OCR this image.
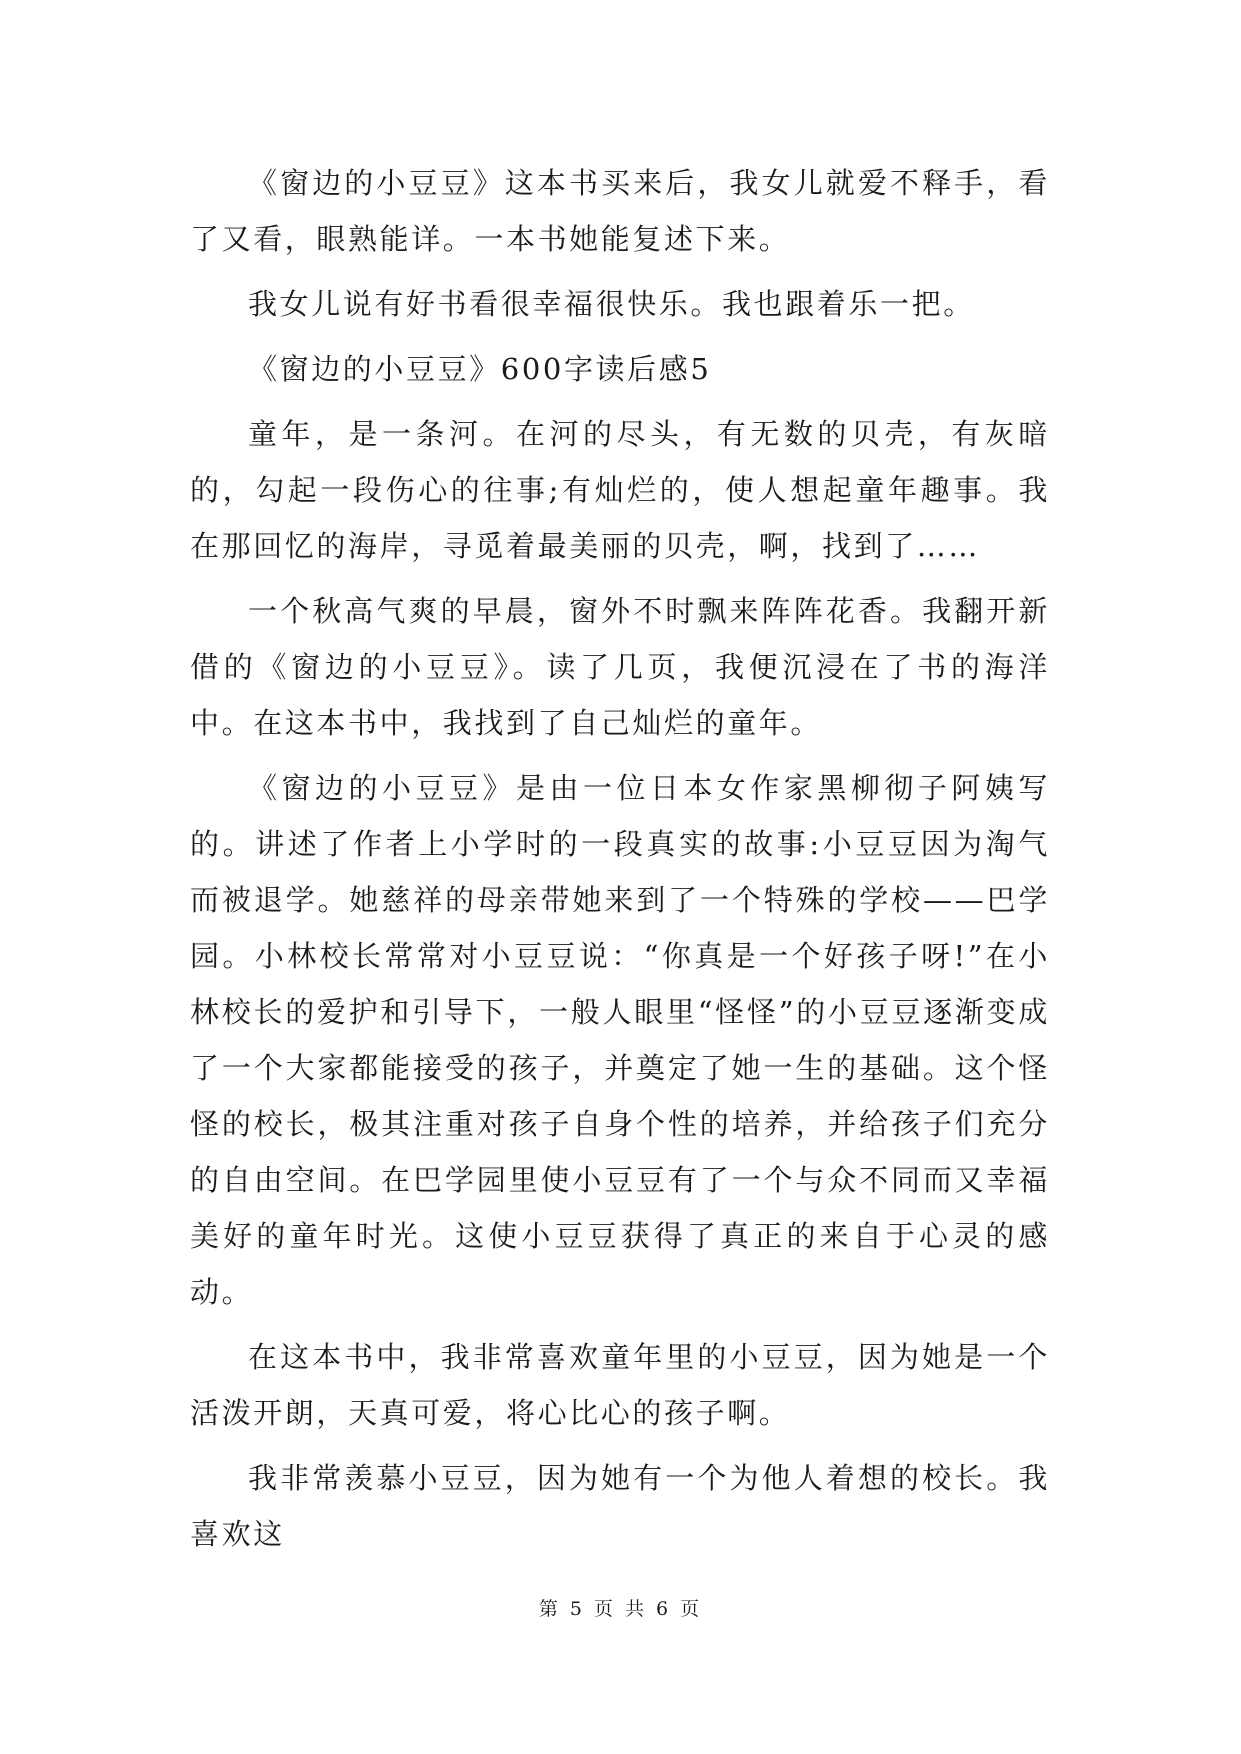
《窗边的小豆豆》这本书买来后，我女儿就爱不释手，看了又看，眼熟能详。一本书她能复述下来。

我女儿说有好书看很幸福很快乐。我也跟着乐一把。

《窗边的小豆豆》600字读后感5

童年，是一条河。在河的尽头，有无数的贝壳，有灰暗的，勾起一段伤心的往事;有灿烂的，使人想起童年趣事。我在那回忆的海岸，寻觅着最美丽的贝壳，啊，找到了……

一个秋高气爽的早晨，窗外不时飘来阵阵花香。我翻开新借的《窗边的小豆豆》。读了几页，我便沉浸在了书的海洋中。在这本书中，我找到了自己灿烂的童年。

《窗边的小豆豆》是由一位日本女作家黑柳彻子阿姨写的。讲述了作者上小学时的一段真实的故事:小豆豆因为淘气而被退学。她慈祥的母亲带她来到了一个特殊的学校——巴学园。小林校长常常对小豆豆说：“你真是一个好孩子呀!”在小林校长的爱护和引导下，一般人眼里“怪怪”的小豆豆逐渐变成了一个大家都能接受的孩子，并奠定了她一生的基础。这个怪怪的校长，极其注重对孩子自身个性的培养，并给孩子们充分的自由空间。在巴学园里使小豆豆有了一个与众不同而又幸福美好的童年时光。这使小豆豆获得了真正的来自于心灵的感动。

在这本书中，我非常喜欢童年里的小豆豆，因为她是一个活泼开朗，天真可爱，将心比心的孩子啊。

我非常羡慕小豆豆，因为她有一个为他人着想的校长。我喜欢这

第 5 页 共 6 页
